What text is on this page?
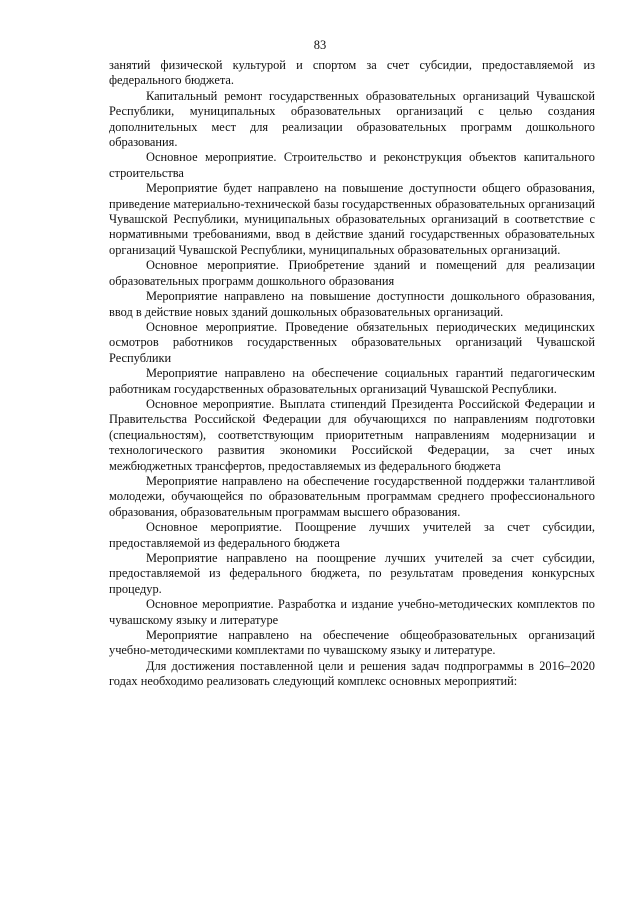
83

занятий физической культурой и спортом за счет субсидии, предоставляемой из федерального бюджета.

Капитальный ремонт государственных образовательных организаций Чувашской Республики, муниципальных образовательных организаций с целью создания дополнительных мест для реализации образовательных программ дошкольного образования.

Основное мероприятие. Строительство и реконструкция объектов капитального строительства

Мероприятие будет направлено на повышение доступности общего образования, приведение материально-технической базы государственных образовательных организаций Чувашской Республики, муниципальных образовательных организаций в соответствие с нормативными требованиями, ввод в действие зданий государственных образовательных организаций Чувашской Республики, муниципальных образовательных организаций.

Основное мероприятие. Приобретение зданий и помещений для реализации образовательных программ дошкольного образования

Мероприятие направлено на повышение доступности дошкольного образования, ввод в действие новых зданий дошкольных образовательных организаций.

Основное мероприятие. Проведение обязательных периодических медицинских осмотров работников государственных образовательных организаций Чувашской Республики

Мероприятие направлено на обеспечение социальных гарантий педагогическим работникам государственных образовательных организаций Чувашской Республики.

Основное мероприятие. Выплата стипендий Президента Российской Федерации и Правительства Российской Федерации для обучающихся по направлениям подготовки (специальностям), соответствующим приоритетным направлениям модернизации и технологического развития экономики Российской Федерации, за счет иных межбюджетных трансфертов, предоставляемых из федерального бюджета

Мероприятие направлено на обеспечение государственной поддержки талантливой молодежи, обучающейся по образовательным программам среднего профессионального образования, образовательным программам высшего образования.

Основное мероприятие. Поощрение лучших учителей за счет субсидии, предоставляемой из федерального бюджета

Мероприятие направлено на поощрение лучших учителей за счет субсидии, предоставляемой из федерального бюджета, по результатам проведения конкурсных процедур.

Основное мероприятие. Разработка и издание учебно-методических комплектов по чувашскому языку и литературе

Мероприятие направлено на обеспечение общеобразовательных организаций учебно-методическими комплектами по чувашскому языку и литературе.

Для достижения поставленной цели и решения задач подпрограммы в 2016–2020 годах необходимо реализовать следующий комплекс основных мероприятий:
